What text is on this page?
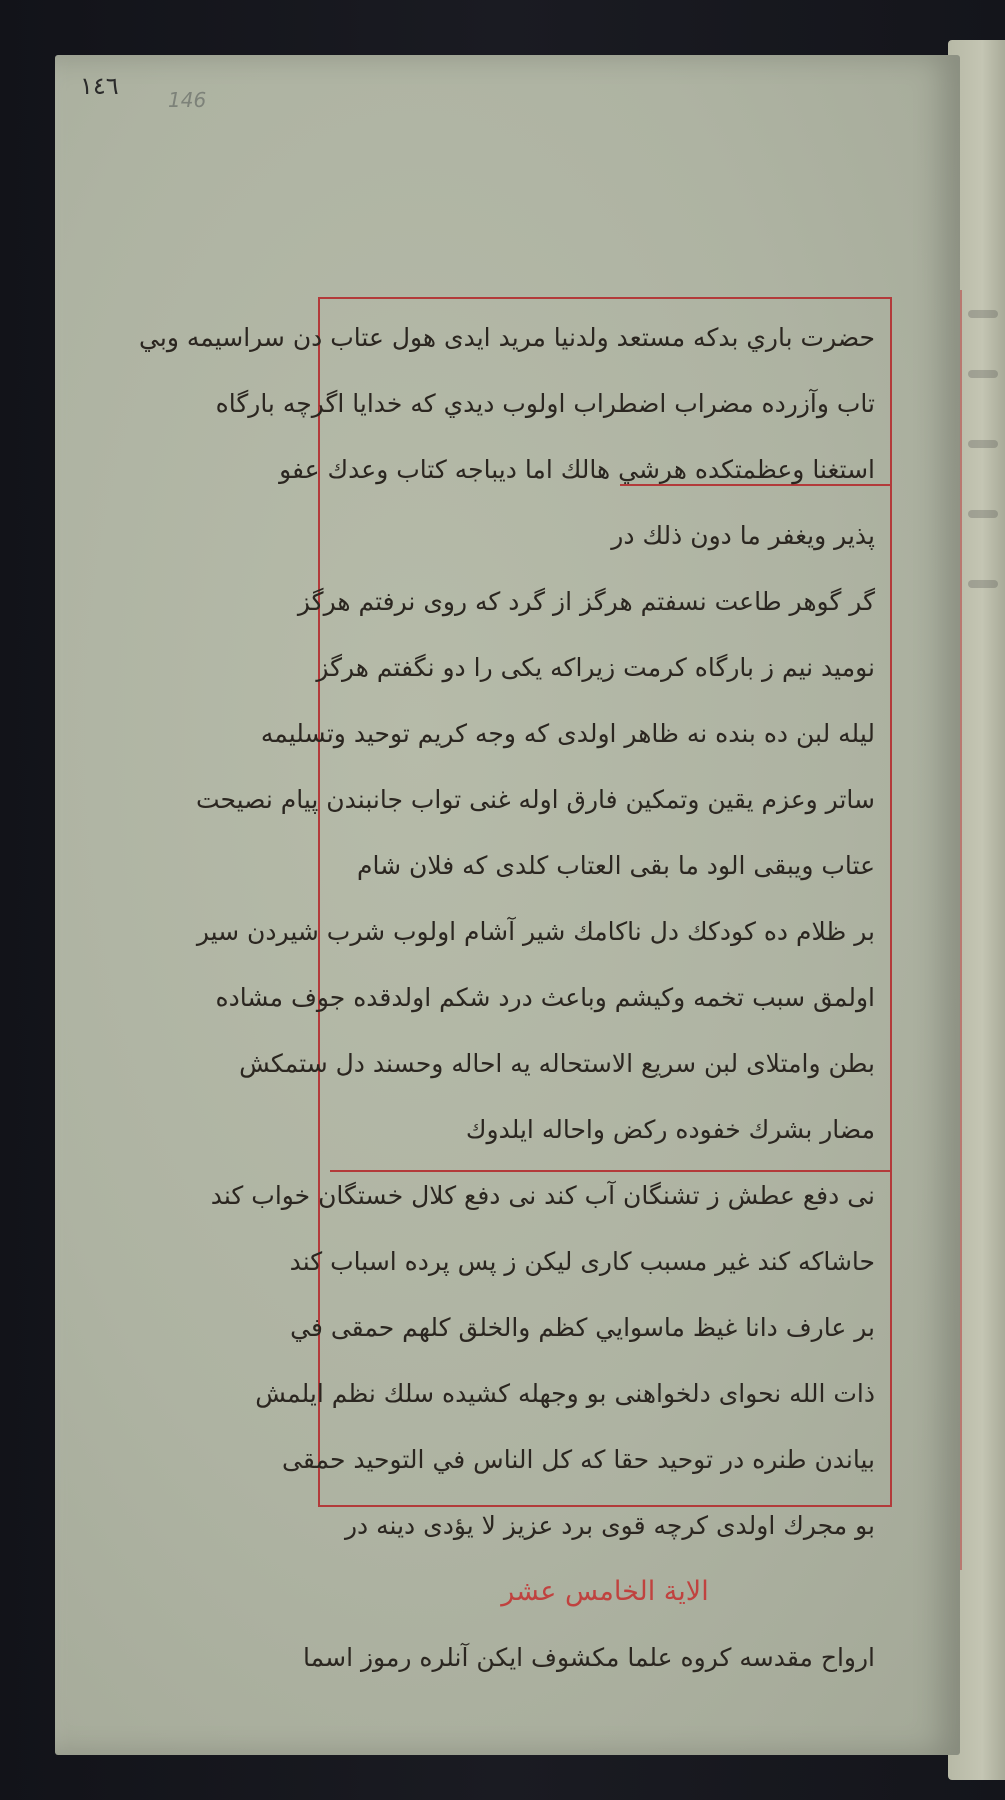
١٤٦ 146
حضرت باري بدكه مستعد ولدنيا مريد ايدى هول عتاب دن سراسيمه وبي
تاب وآزرده مضراب اضطراب اولوب ديدي كه خدايا اگرچه بارگاه
استغنا وعظمتكده هرشي هالك اما ديباجه كتاب وعدك عفو
پذير ويغفر ما دون ذلك در
گر گوهر طاعت نسفتم هرگز از گرد كه روى نرفتم هرگز
نوميد نيم ز بارگاه كرمت زيراكه يكى را دو نگفتم هرگز
ليله لبن ده بنده نه ظاهر اولدى كه وجه كريم توحيد وتسليمه
ساتر وعزم يقين وتمكين فارق اوله غنى تواب جانبندن پيام نصيحت
عتاب ويبقى الود ما بقى العتاب كلدى كه فلان شام
بر ظلام ده كودكك دل ناكامك شير آشام اولوب شرب شيردن سير
اولمق سبب تخمه وكيشم وباعث درد شكم اولدقده جوف مشاده
بطن وامتلاى لبن سريع الاستحاله يه احاله وحسند دل ستمكش
مضار بشرك خفوده ركض واحاله ايلدوك
نى دفع عطش ز تشنگان آب كند نى دفع كلال خستگان خواب كند
حاشاكه كند غير مسبب كارى ليكن ز پس پرده اسباب كند
بر عارف دانا غيظ ماسوايي كظم والخلق كلهم حمقى في
ذات الله نحواى دلخواهنى بو وجهله كشيده سلك نظم ايلمش
بياندن طنره در توحيد حقا كه كل الناس في التوحيد حمقى
بو مجرك اولدى كرچه قوى برد عزيز لا يؤدى دينه در
الاية الخامس عشر
ارواح مقدسه كروه علما مكشوف ايكن آنلره رموز اسما
